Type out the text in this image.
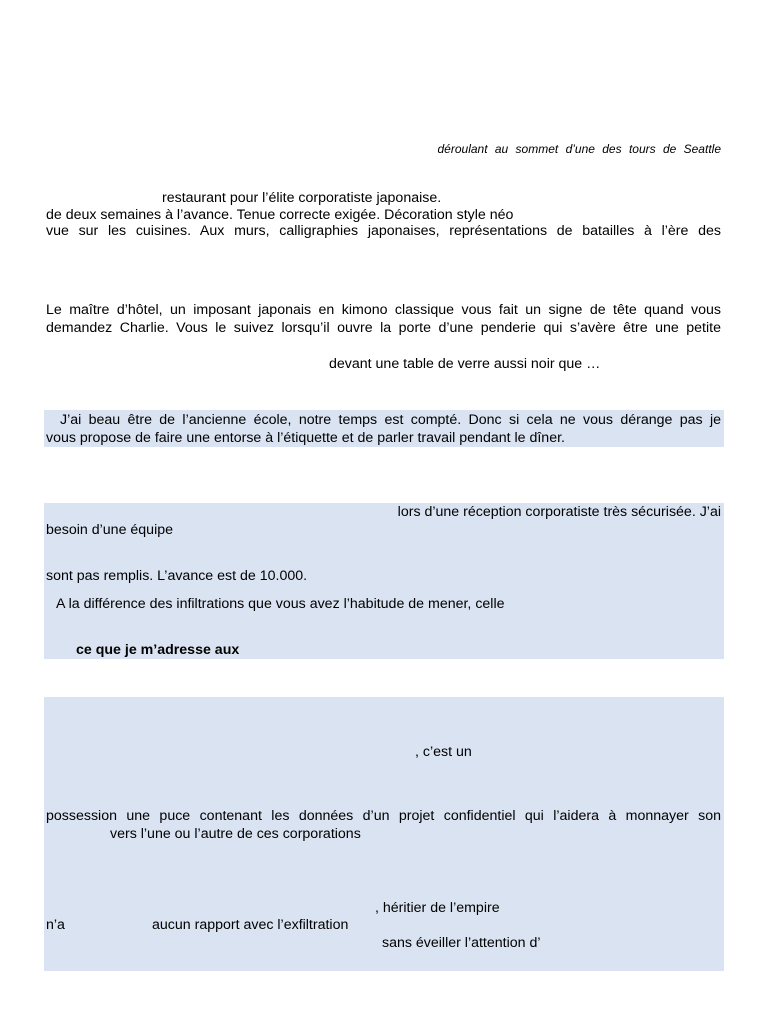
déroulant au sommet d’une des tours de Seattle
restaurant pour l’élite corporatiste japonaise.
de deux semaines à l’avance. Tenue correcte exigée. Décoration style néo
vue sur les cuisines. Aux murs, calligraphies japonaises, représentations de batailles à l’ère des
Le maître d’hôtel, un imposant japonais en kimono classique vous fait un signe de tête quand vous
demandez Charlie. Vous le suivez lorsqu’il ouvre la porte d’une penderie qui s’avère être une petite
devant une table de verre aussi noir que …
J’ai beau être de l’ancienne école, notre temps est compté. Donc si cela ne vous dérange pas je
vous propose de faire une entorse à l’étiquette et de parler travail pendant le dîner.
lors d’une réception corporatiste très sécurisée. J’ai
besoin d’une équipe
sont pas remplis. L’avance est de 10.000.
A la différence des infiltrations que vous avez l’habitude de mener, celle
ce que je m’adresse aux
, c’est un
possession une puce contenant les données d’un projet confidentiel qui l’aidera à monnayer son
vers l’une ou l’autre de ces corporations
, héritier de l’empire
n’a	aucun rapport avec l’exfiltration
sans éveiller l’attention d’
